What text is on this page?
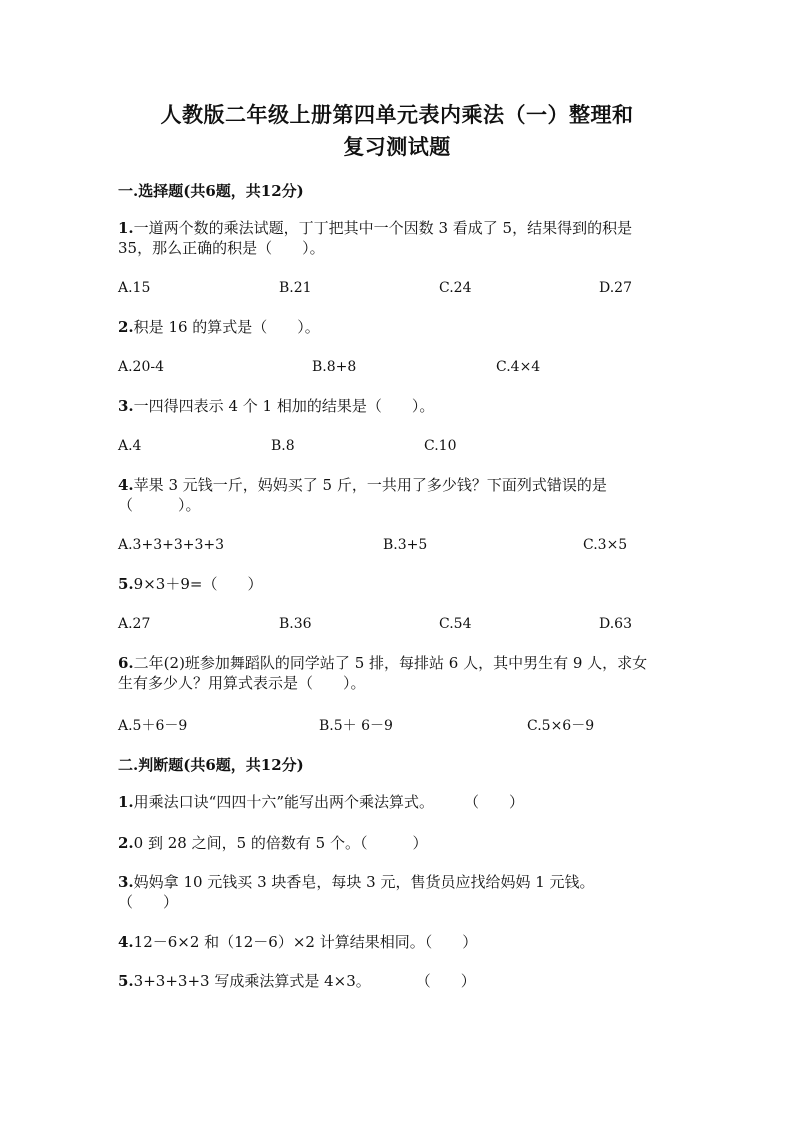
人教版二年级上册第四单元表内乘法（一）整理和
复习测试题
一.选择题(共6题，共12分)
1.一道两个数的乘法试题，丁丁把其中一个因数 3 看成了 5，结果得到的积是
35，那么正确的积是（　　）。
A.15	B.21	C.24	D.27
2.积是 16 的算式是（　　）。
A.20-4	B.8+8	C.4×4
3.一四得四表示 4 个 1 相加的结果是（　　）。
A.4	B.8	C.10
4.苹果 3 元钱一斤，妈妈买了 5 斤，一共用了多少钱？下面列式错误的是
（　　　）。
A.3+3+3+3+3	B.3+5	C.3×5
5.9×3＋9=（　　）
A.27	B.36	C.54	D.63
6.二年(2)班参加舞蹈队的同学站了 5 排，每排站 6 人，其中男生有 9 人，求女
生有多少人？用算式表示是（　　）。
A.5＋6－9	B.5＋ 6－9	C.5×6－9
二.判断题(共6题，共12分)
1.用乘法口诀“四四十六”能写出两个乘法算式。　　　（　　）
2.0 到 28 之间，5 的倍数有 5 个。（　　　）
3.妈妈拿 10 元钱买 3 块香皂，每块 3 元，售货员应找给妈妈 1 元钱。
（　　）
4.12－6×2 和（12－6）×2 计算结果相同。（　　）
5.3+3+3+3 写成乘法算式是 4×3。　　　　（　　）
